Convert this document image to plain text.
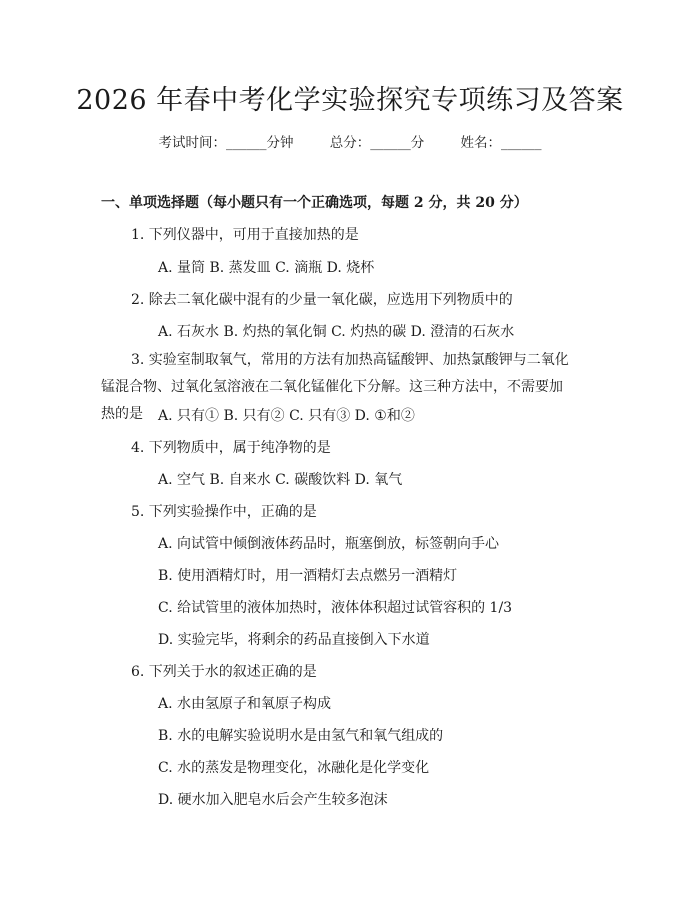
2026 年春中考化学实验探究专项练习及答案
考试时间：______分钟	总分：______分	姓名：______
一、单项选择题（每小题只有一个正确选项，每题 2 分，共 20 分）
1. 下列仪器中，可用于直接加热的是
A. 量筒 B. 蒸发皿 C. 滴瓶 D. 烧杯
2. 除去二氧化碳中混有的少量一氧化碳，应选用下列物质中的
A. 石灰水 B. 灼热的氧化铜 C. 灼热的碳 D. 澄清的石灰水
3. 实验室制取氧气，常用的方法有加热高锰酸钾、加热氯酸钾与二氧化锰混合物、过氧化氢溶液在二氧化锰催化下分解。这三种方法中，不需要加热的是	A. 只有① B. 只有② C. 只有③ D. ①和②
4. 下列物质中，属于纯净物的是
A. 空气 B. 自来水 C. 碳酸饮料 D. 氧气
5. 下列实验操作中，正确的是
A. 向试管中倾倒液体药品时，瓶塞倒放，标签朝向手心
B. 使用酒精灯时，用一酒精灯去点燃另一酒精灯
C. 给试管里的液体加热时，液体体积超过试管容积的 1/3
D. 实验完毕，将剩余的药品直接倒入下水道
6. 下列关于水的叙述正确的是
A. 水由氢原子和氧原子构成
B. 水的电解实验说明水是由氢气和氧气组成的
C. 水的蒸发是物理变化，冰融化是化学变化
D. 硬水加入肥皂水后会产生较多泡沫
